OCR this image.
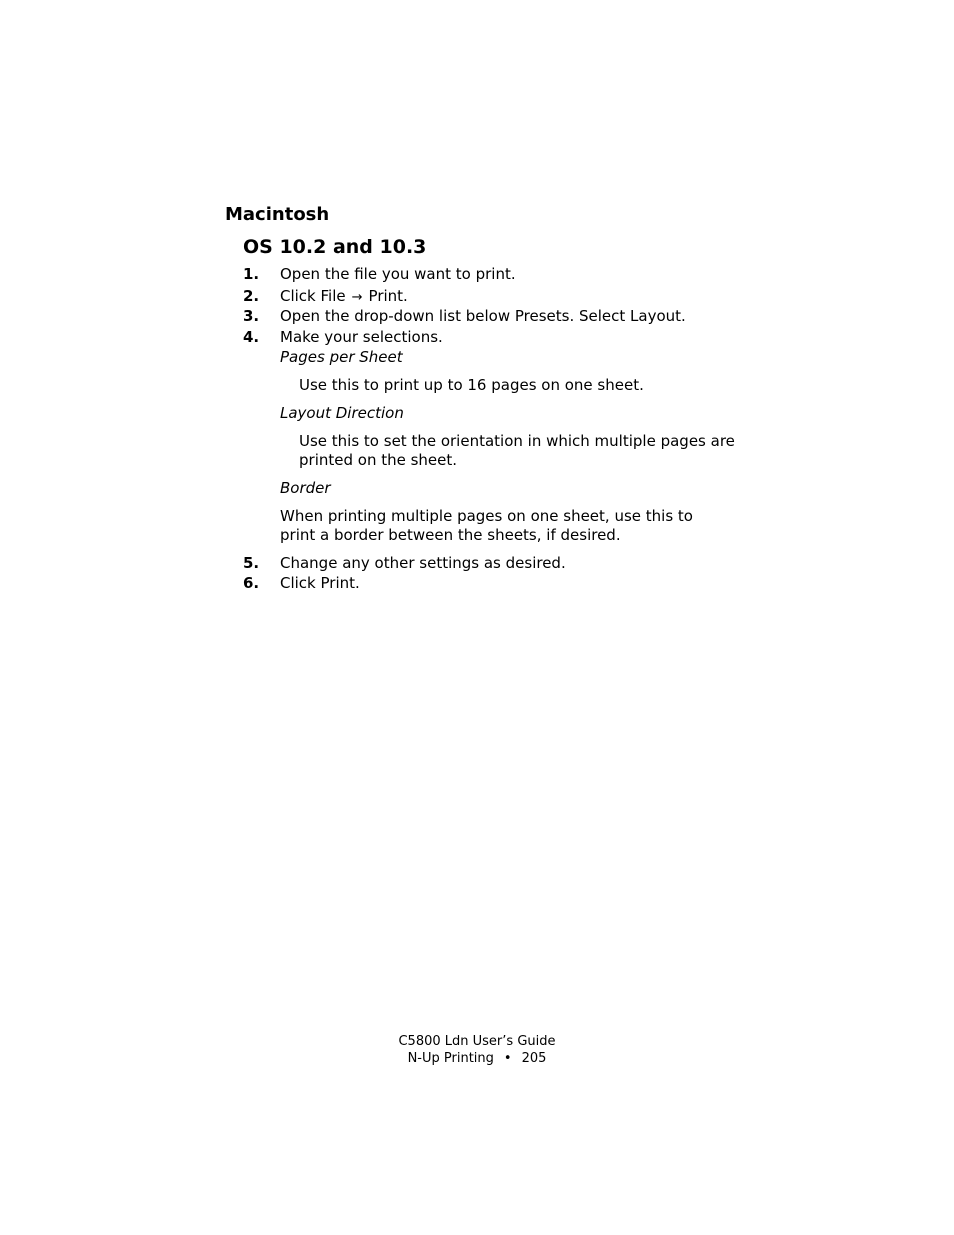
Macintosh
OS 10.2 and 10.3
1. Open the file you want to print.
2. Click File → Print.
3. Open the drop-down list below Presets. Select Layout.
4. Make your selections.
Pages per Sheet
Use this to print up to 16 pages on one sheet.
Layout Direction
Use this to set the orientation in which multiple pages are printed on the sheet.
Border
When printing multiple pages on one sheet, use this to print a border between the sheets, if desired.
5. Change any other settings as desired.
6. Click Print.
C5800 Ldn User’s Guide
N-Up Printing • 205
